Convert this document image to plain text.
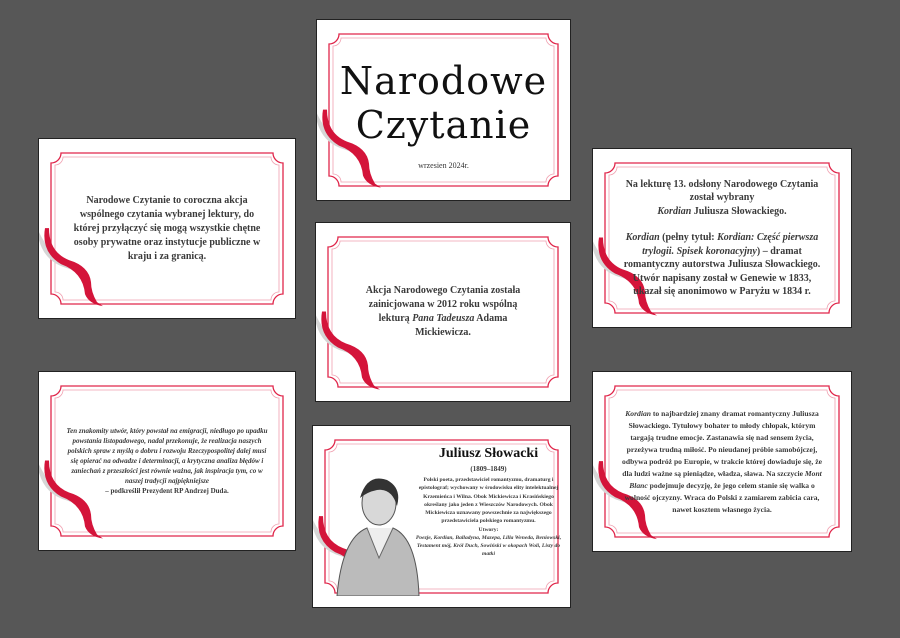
Narodowe
Czytanie
wrzesien 2024r.
Narodowe Czytanie to coroczna akcja wspólnego czytania wybranej lektury, do której przyłączyć się mogą wszystkie chętne osoby prywatne oraz instytucje publiczne w kraju i za granicą.
Na lekturę 13. odsłony Narodowego Czytania został wybrany
Kordian Juliusza Słowackiego.
Kordian (pełny tytuł: Kordian: Część pierwsza trylogii. Spisek koronacyjny) – dramat romantyczny autorstwa Juliusza Słowackiego. Utwór napisany został w Genewie w 1833, ukazał się anonimowo w Paryżu w 1834 r.
Akcja Narodowego Czytania została zainicjowana w 2012 roku wspólną lekturą Pana Tadeusza Adama Mickiewicza.
Ten znakomity utwór, który powstał na emigracji, niedługo po upadku powstania listopadowego, nadal przekonuje, że realizacja naszych polskich spraw z myślą o dobru i rozwoju Rzeczypospolitej dalej musi się opierać na odwadze i determinacji, a krytyczna analiza błędów i zaniechań z przeszłości jest równie ważna, jak inspiracja tym, co w naszej tradycji najpiękniejsze
– podkreślił Prezydent RP Andrzej Duda.
Juliusz Słowacki
(1809–1849)
Polski poeta, przedstawiciel romantyzmu, dramaturg i epistolograf; wychowany w środowisku elity intelektualnej Krzemieńca i Wilna. Obok Mickiewicza i Krasińskiego określany jako jeden z Wieszczów Narodowych. Obok Mickiewicza uznawany powszechnie za największego przedstawiciela polskiego romantyzmu.
Utwory:
Poezje, Kordian, Balladyna, Mazepa, Lilla Weneda, Beniowski, Testament mój, Król Duch, Sowiński w okopach Woli, Listy do matki
Kordian to najbardziej znany dramat romantyczny Juliusza Słowackiego. Tytułowy bohater to młody chłopak, którym targają trudne emocje. Zastanawia się nad sensem życia, przeżywa trudną miłość. Po nieudanej próbie samobójczej, odbywa podróż po Europie, w trakcie której dowiaduje się, że dla ludzi ważne są pieniądze, władza, sława. Na szczycie Mont Blanc podejmuje decyzję, że jego celem stanie się walka o wolność ojczyzny. Wraca do Polski z zamiarem zabicia cara, nawet kosztem własnego życia.
